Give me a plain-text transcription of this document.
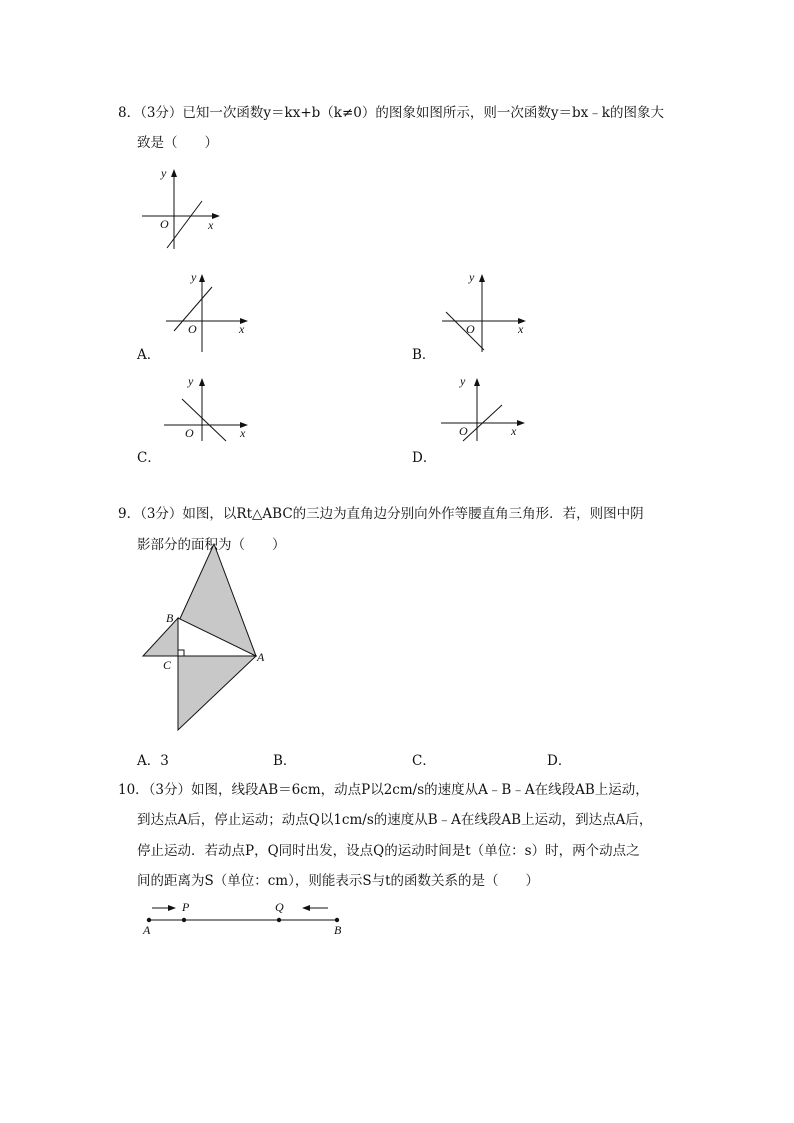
8．（3分）已知一次函数y＝kx+b（k≠0）的图象如图所示，则一次函数y＝bx﹣k的图象大
致是（　　）
y
x
O
y
x
O
A．
y
x
O
B．
y
x
O
C．
y
x
O
D．
9．（3分）如图，以Rt△ABC的三边为直角边分别向外作等腰直角三角形．若，则图中阴
影部分的面积为（　　）
B
C
A
A．3	B．	C．	D．
10．（3分）如图，线段AB＝6cm，动点P以2cm/s的速度从A﹣B﹣A在线段AB上运动，
到达点A后，停止运动；动点Q以1cm/s的速度从B﹣A在线段AB上运动，到达点A后，
停止运动．若动点P，Q同时出发，设点Q的运动时间是t（单位：s）时，两个动点之
间的距离为S（单位：cm），则能表示S与t的函数关系的是（　　）
P	Q
A	B
